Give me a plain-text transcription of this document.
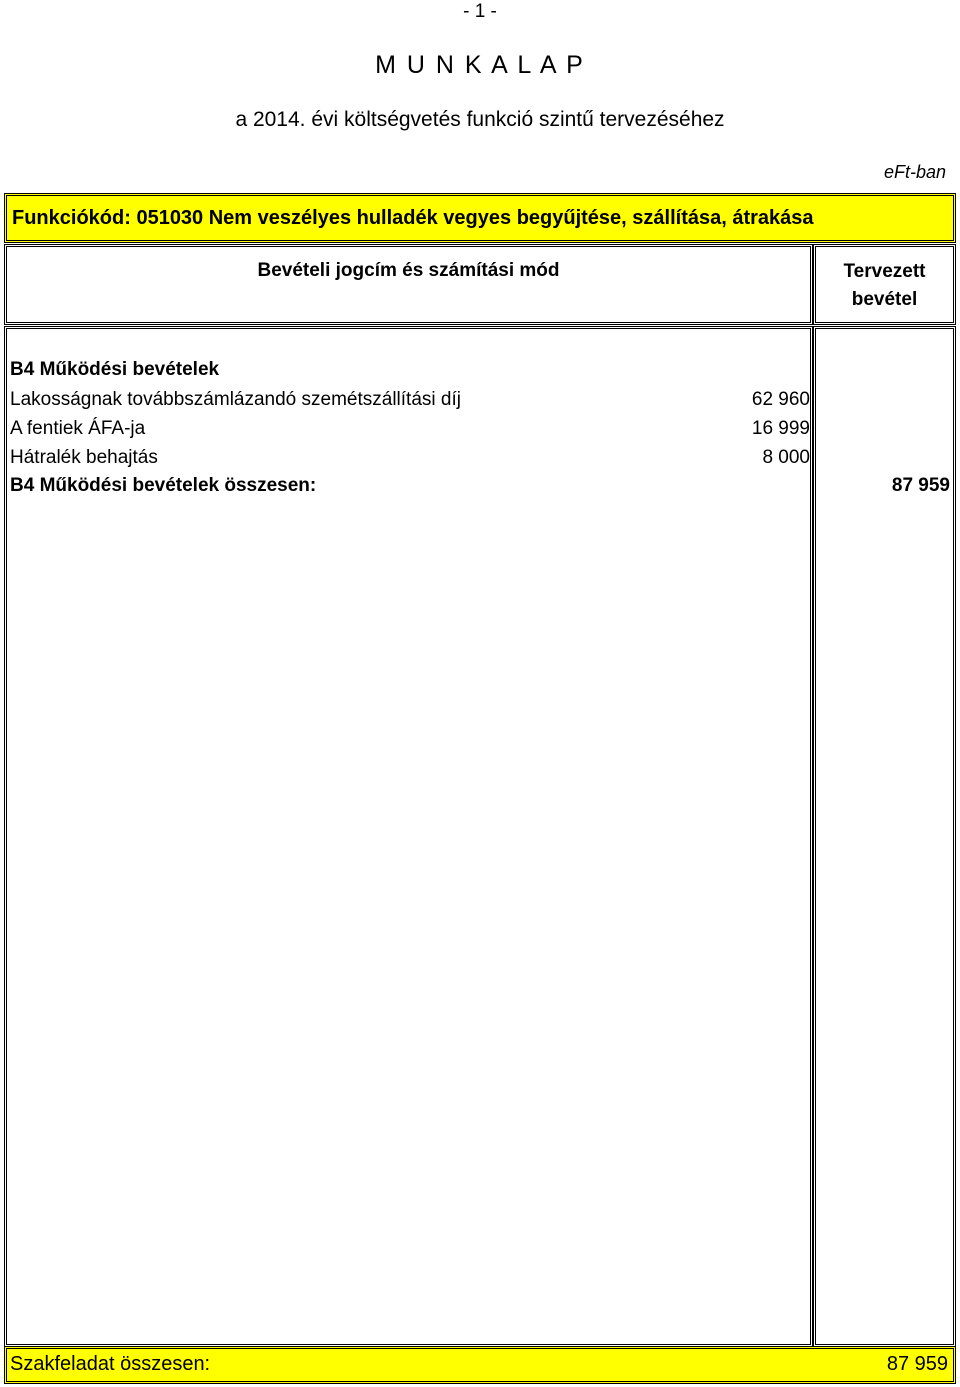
- 1 -
M U N K A L A P
a 2014. évi költségvetés funkció szintű tervezéséhez
eFt-ban
Funkciókód: 051030 Nem veszélyes hulladék vegyes begyűjtése, szállítása, átrakása
Bevételi jogcím és számítási mód	Tervezett
bevétel
B4 Működési bevételek
Lakosságnak továbbszámlázandó szemétszállítási díj	62 960
A fentiek ÁFA-ja	16 999
Hátralék behajtás	8 000
B4 Működési bevételek összesen:	87 959
Szakfeladat összesen:	87 959
